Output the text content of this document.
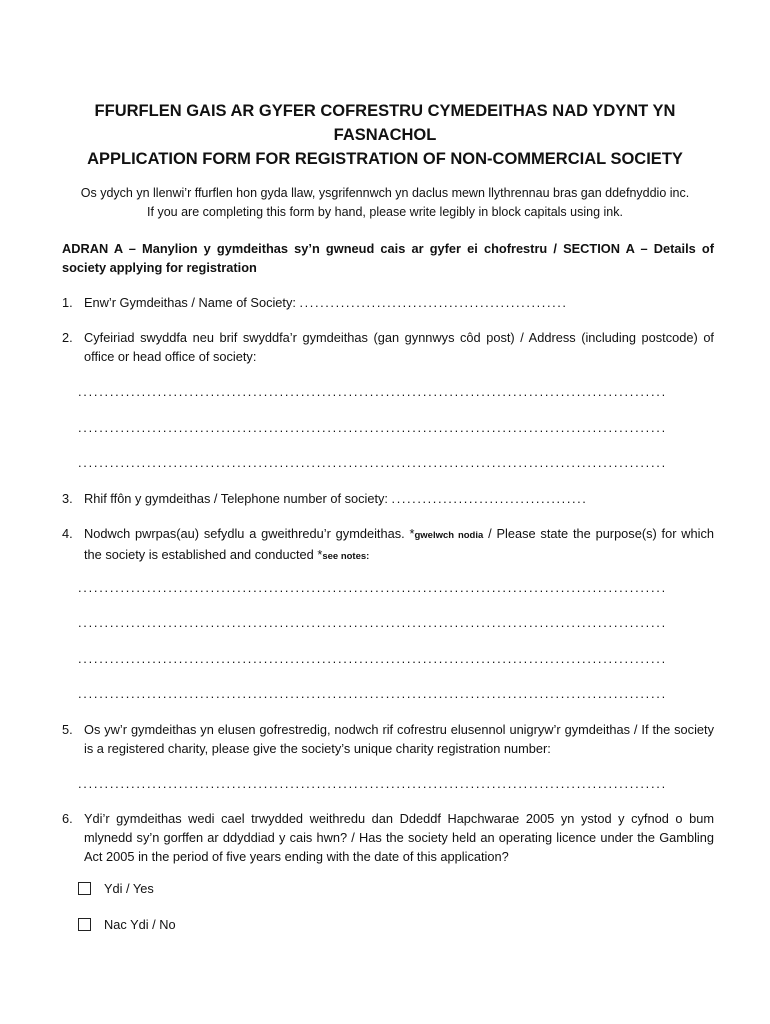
FFURFLEN GAIS AR GYFER COFRESTRU CYMEDEITHAS NAD YDYNT YN
FASNACHOL
APPLICATION FORM FOR REGISTRATION OF NON-COMMERCIAL SOCIETY
Os ydych yn llenwi’r ffurflen hon gyda llaw, ysgrifennwch yn daclus mewn llythrennau bras gan ddefnyddio inc.
If you are completing this form by hand, please write legibly in block capitals using ink.
ADRAN A – Manylion y gymdeithas sy’n gwneud cais ar gyfer ei chofrestru / SECTION A – Details of society applying for registration
1. Enw’r Gymdeithas / Name of Society: ....................................................
2. Cyfeiriad swyddfa neu brif swyddfa’r gymdeithas (gan gynnwys côd post) / Address (including postcode) of office or head office of society:
...............................................................................................................
...............................................................................................................
...............................................................................................................
3. Rhif ffôn y gymdeithas / Telephone number of society: ......................................
4. Nodwch pwrpas(au) sefydlu a gweithredu’r gymdeithas. *gwelwch nodia / Please state the purpose(s) for which the society is established and conducted *see notes:
...............................................................................................................
...............................................................................................................
...............................................................................................................
...............................................................................................................
5. Os yw’r gymdeithas yn elusen gofrestredig, nodwch rif cofrestru elusennol unigryw’r gymdeithas / If the society is a registered charity, please give the society’s unique charity registration number:
...............................................................................................................
6. Ydi’r gymdeithas wedi cael trwydded weithredu dan Ddeddf Hapchwarae 2005 yn ystod y cyfnod o bum mlynedd sy’n gorffen ar ddyddiad y cais hwn? / Has the society held an operating licence under the Gambling Act 2005 in the period of five years ending with the date of this application?
Ydi / Yes
Nac Ydi / No
